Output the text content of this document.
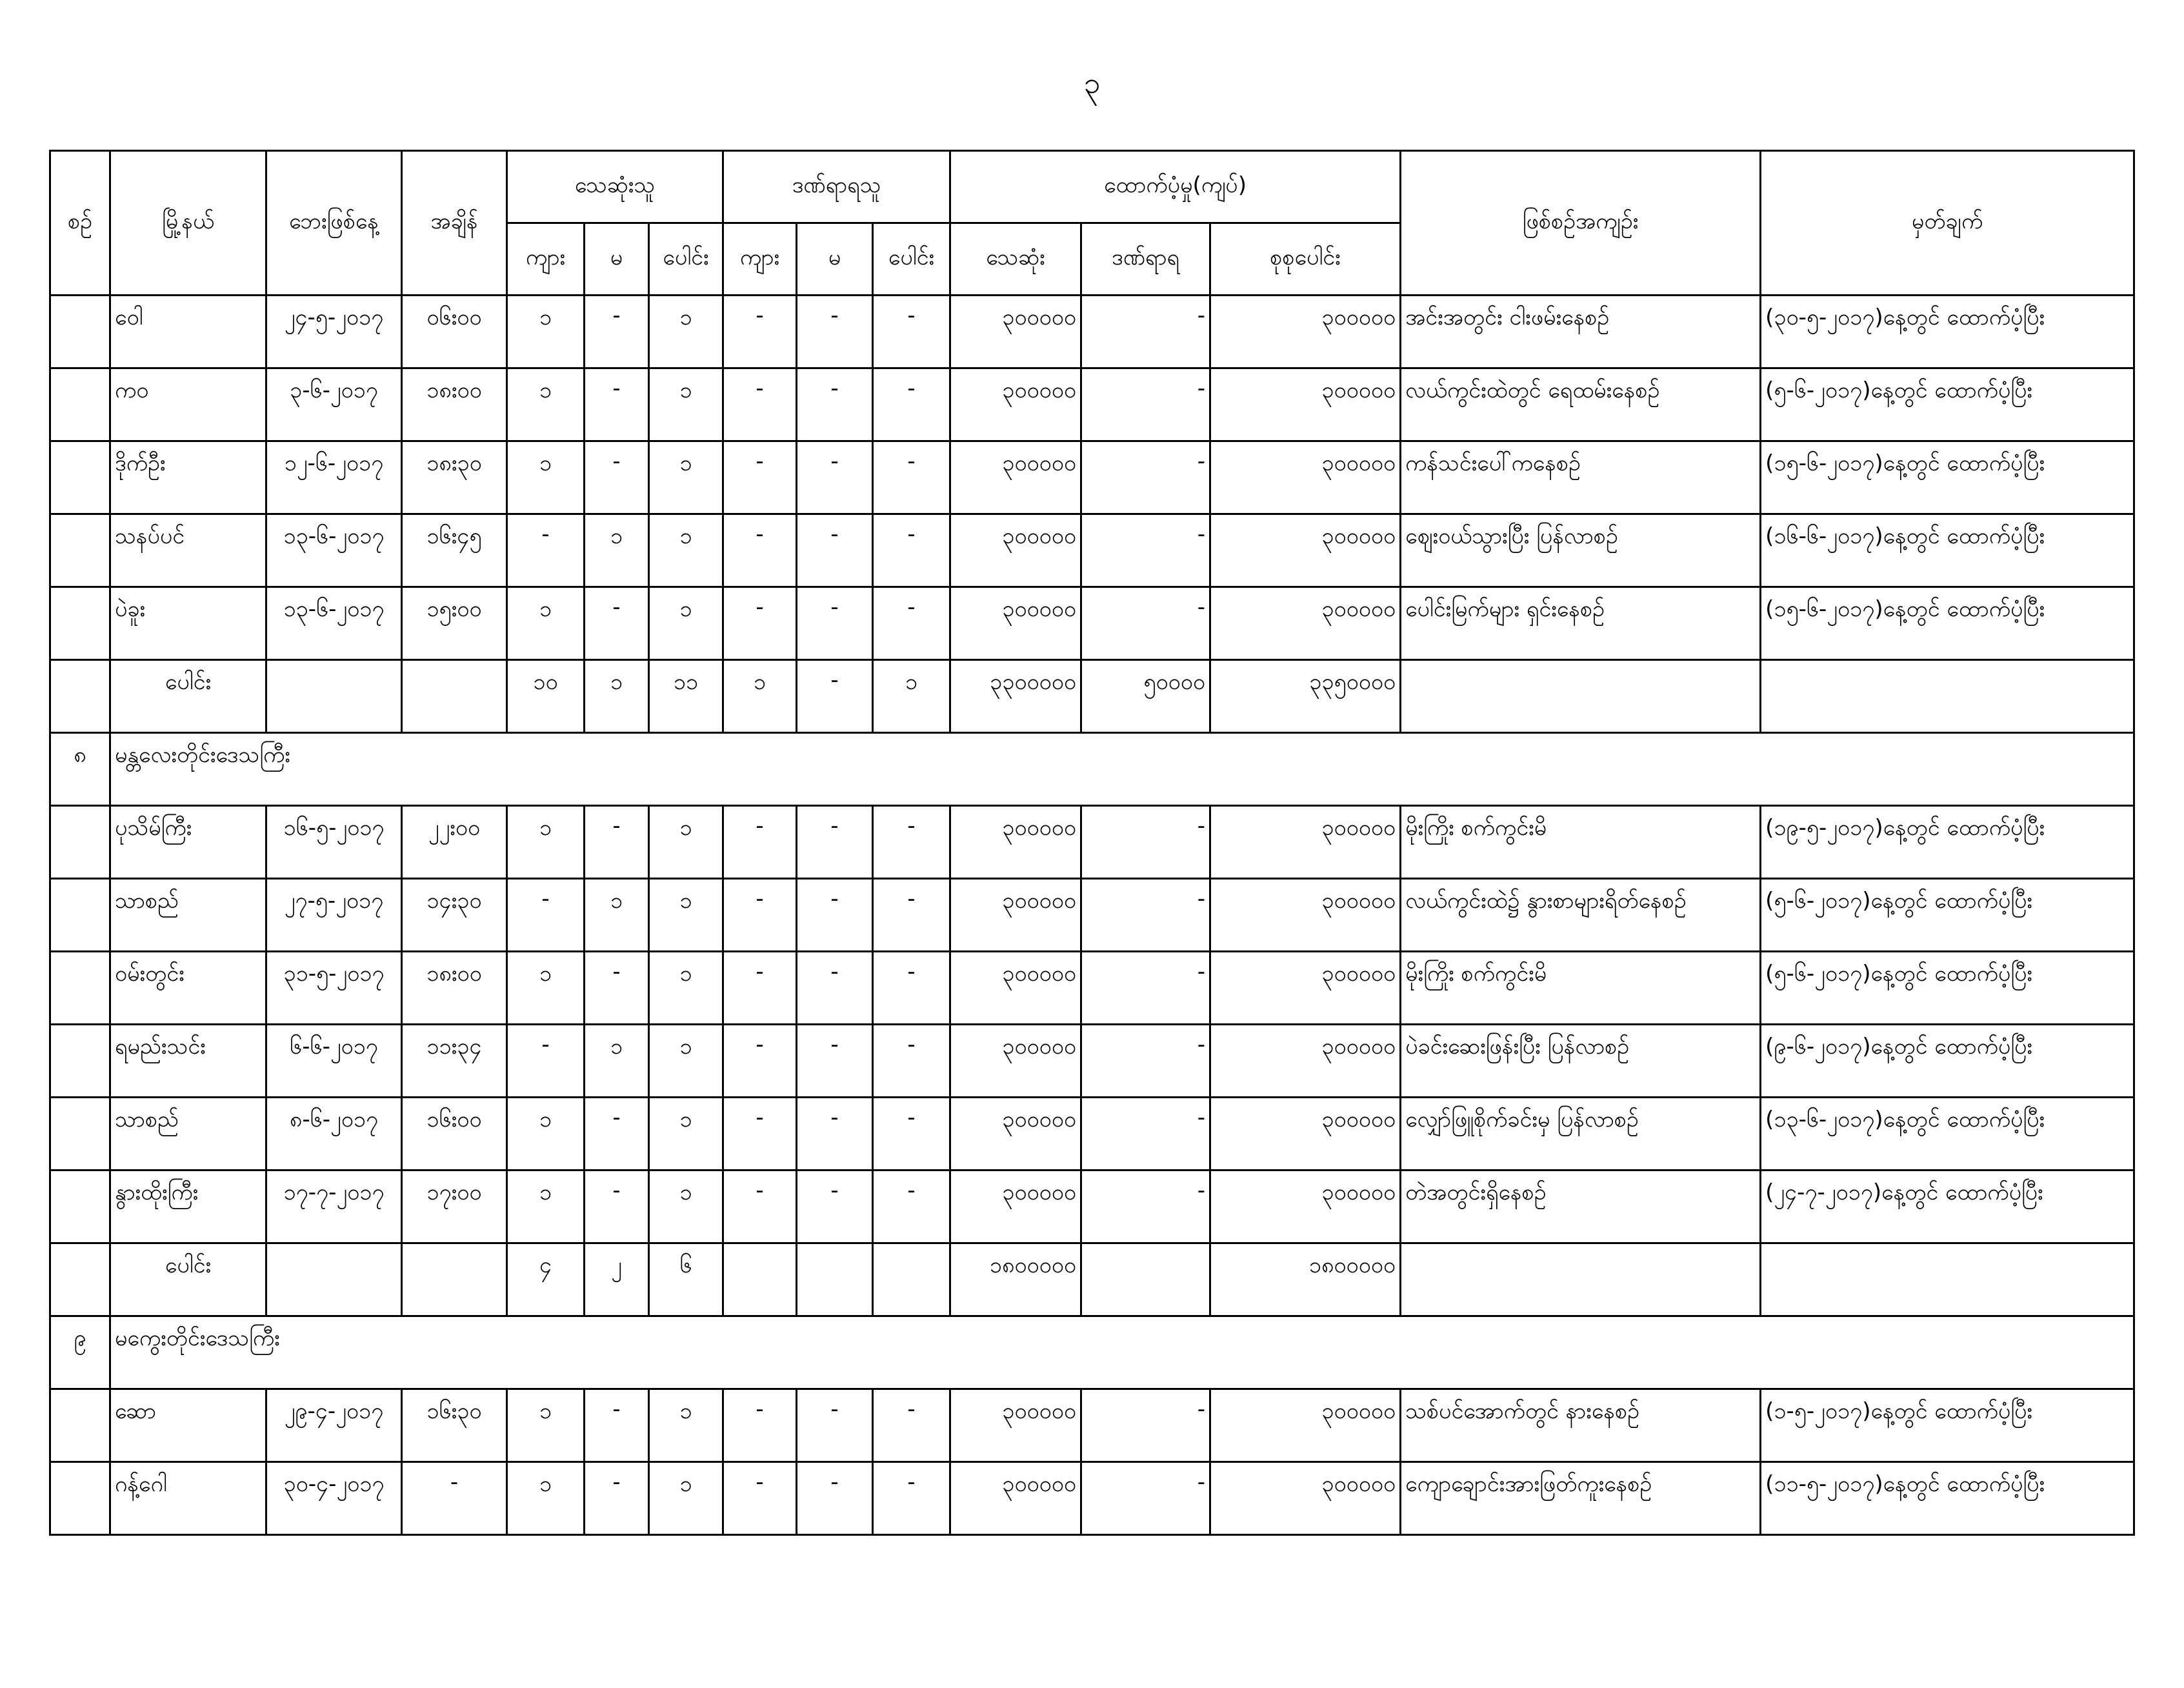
၃
စဥ်	မြို့နယ်	ဘေးဖြစ်နေ့	အချိန်	သေဆုံးသူ			ဒဏ်ရာရသူ			ထောက်ပံ့မှု(ကျပ်)			ဖြစ်စဥ်အကျဥ်း	မှတ်ချက်
				ကျား	မ	ပေါင်း	ကျား	မ	ပေါင်း	သေဆုံး	ဒဏ်ရာရ	စုစုပေါင်း		
	ဝေါ	၂၄-၅-၂၀၁၇	၀၆း၀၀	၁	-	၁	-	-	-	၃၀၀၀၀၀	-	၃၀၀၀၀၀	အင်းအတွင်း ငါးဖမ်းနေစဥ်	(၃၀-၅-၂၀၁၇)နေ့တွင် ထောက်ပံ့ပြီး
	ကဝ	၃-၆-၂၀၁၇	၁၈း၀၀	၁	-	၁	-	-	-	၃၀၀၀၀၀	-	၃၀၀၀၀၀	လယ်ကွင်းထဲတွင် ရေထမ်းနေစဥ်	(၅-၆-၂၀၁၇)နေ့တွင် ထောက်ပံ့ပြီး
	ဒိုက်ဦး	၁၂-၆-၂၀၁၇	၁၈း၃၀	၁	-	၁	-	-	-	၃၀၀၀၀၀	-	၃၀၀၀၀၀	ကန်သင်းပေါ်ကနေစဥ်	(၁၅-၆-၂၀၁၇)နေ့တွင် ထောက်ပံ့ပြီး
	သနပ်ပင်	၁၃-၆-၂၀၁၇	၁၆း၄၅	-	၁	၁	-	-	-	၃၀၀၀၀၀	-	၃၀၀၀၀၀	ဈေးဝယ်သွားပြီး ပြန်လာစဥ်	(၁၆-၆-၂၀၁၇)နေ့တွင် ထောက်ပံ့ပြီး
	ပဲခူး	၁၃-၆-၂၀၁၇	၁၅း၀၀	၁	-	၁	-	-	-	၃၀၀၀၀၀	-	၃၀၀၀၀၀	ပေါင်းမြက်များ ရှင်းနေစဥ်	(၁၅-၆-၂၀၁၇)နေ့တွင် ထောက်ပံ့ပြီး
	ပေါင်း			၁၀	၁	၁၁	၁	-	၁	၃၃၀၀၀၀၀	၅၀၀၀၀	၃၃၅၀၀၀၀		
၈	မန္တလေးတိုင်းဒေသကြီး													
	ပုသိမ်ကြီး	၁၆-၅-၂၀၁၇	၂၂း၀၀	၁	-	၁	-	-	-	၃၀၀၀၀၀	-	၃၀၀၀၀၀	မိုးကြိုး စက်ကွင်းမိ	(၁၉-၅-၂၀၁၇)နေ့တွင် ထောက်ပံ့ပြီး
	သာစည်	၂၇-၅-၂၀၁၇	၁၄း၃၀	-	၁	၁	-	-	-	၃၀၀၀၀၀	-	၃၀၀၀၀၀	လယ်ကွင်းထဲ၌ နွားစာများရိတ်နေစဥ်	(၅-၆-၂၀၁၇)နေ့တွင် ထောက်ပံ့ပြီး
	ဝမ်းတွင်း	၃၁-၅-၂၀၁၇	၁၈း၀၀	၁	-	၁	-	-	-	၃၀၀၀၀၀	-	၃၀၀၀၀၀	မိုးကြိုး စက်ကွင်းမိ	(၅-၆-၂၀၁၇)နေ့တွင် ထောက်ပံ့ပြီး
	ရမည်းသင်း	၆-၆-၂၀၁၇	၁၁း၃၄	-	၁	၁	-	-	-	၃၀၀၀၀၀	-	၃၀၀၀၀၀	ပဲခင်းဆေးဖြန်းပြီး ပြန်လာစဥ်	(၉-၆-၂၀၁၇)နေ့တွင် ထောက်ပံ့ပြီး
	သာစည်	၈-၆-၂၀၁၇	၁၆း၀၀	၁	-	၁	-	-	-	၃၀၀၀၀၀	-	၃၀၀၀၀၀	လျှော်ဖြူစိုက်ခင်းမှ ပြန်လာစဥ်	(၁၃-၆-၂၀၁၇)နေ့တွင် ထောက်ပံ့ပြီး
	နွားထိုးကြီး	၁၇-၇-၂၀၁၇	၁၇း၀၀	၁	-	၁	-	-	-	၃၀၀၀၀၀	-	၃၀၀၀၀၀	တဲအတွင်းရှိနေစဥ်	(၂၄-၇-၂၀၁၇)နေ့တွင် ထောက်ပံ့ပြီး
	ပေါင်း			၄	၂	၆				၁၈၀၀၀၀၀		၁၈၀၀၀၀၀		
၉	မကွေးတိုင်းဒေသကြီး													
	ဆော	၂၉-၄-၂၀၁၇	၁၆း၃၀	၁	-	၁	-	-	-	၃၀၀၀၀၀	-	၃၀၀၀၀၀	သစ်ပင်အောက်တွင် နားနေစဥ်	(၁-၅-၂၀၁၇)နေ့တွင် ထောက်ပံ့ပြီး
	ဂန့်ဂေါ	၃၀-၄-၂၀၁၇	-	၁	-	၁	-	-	-	၃၀၀၀၀၀	-	၃၀၀၀၀၀	ကျောချောင်းအားဖြတ်ကူးနေစဥ်	(၁၁-၅-၂၀၁၇)နေ့တွင် ထောက်ပံ့ပြီး
